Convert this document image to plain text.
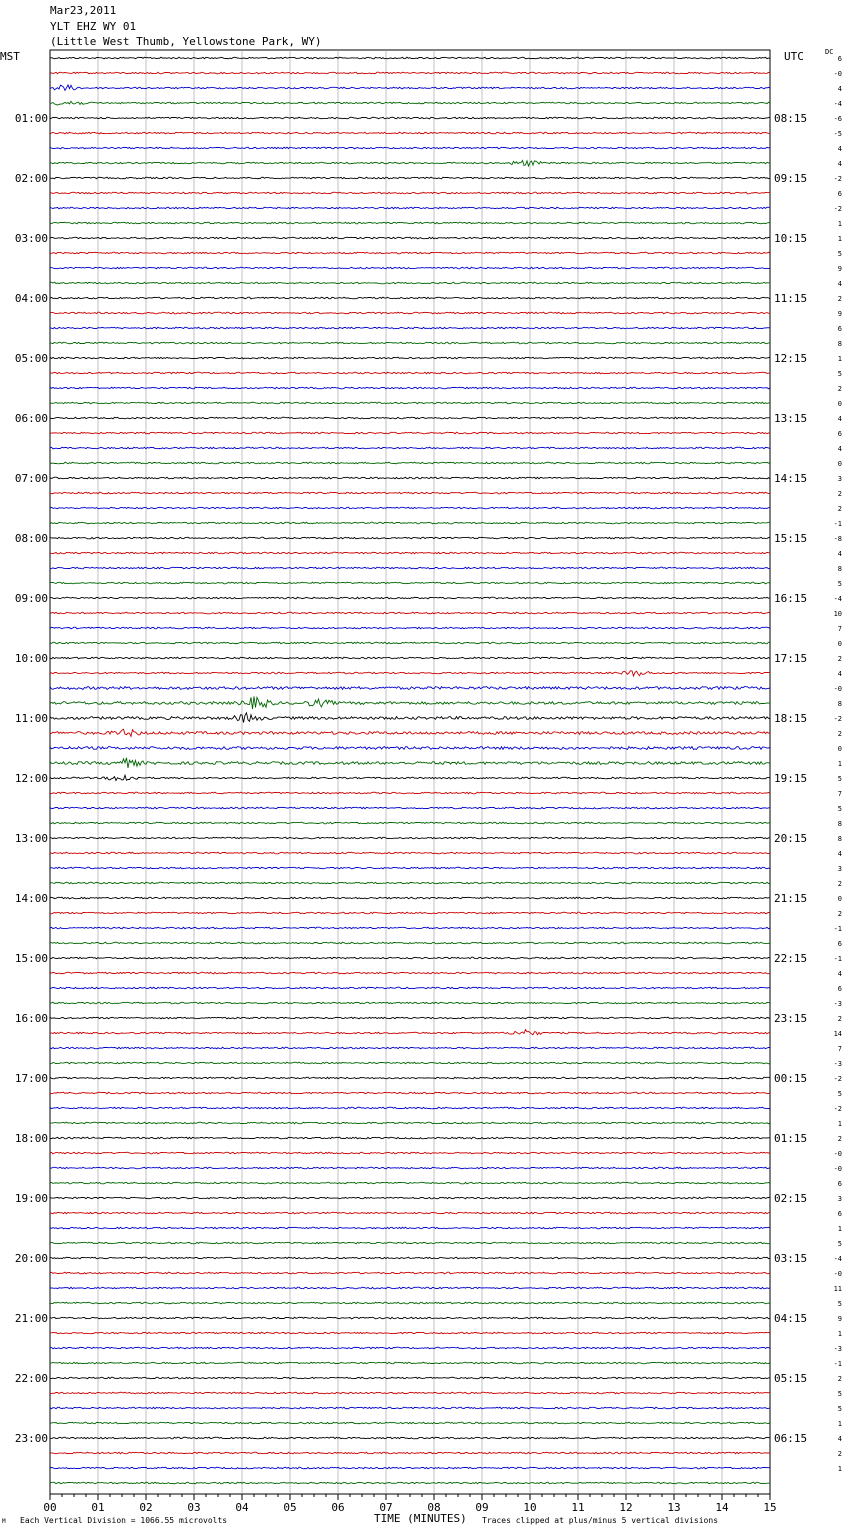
Mar23,2011
YLT EHZ WY 01
(Little West Thumb, Yellowstone Park, WY)
MST	UTC	DC
00	01	02	03	04	05	06	07	08	09	10	11	12	13	14	15
6
-0
4
-4
-6
-5
4
4
-2
6
-2
1
1
5
9
4
2
9
6
8
1
5
2
0
4
6
4
0
3
2
2
-1
-8
4
8
5
-4
10
7
0
2
4
-0
8
-2
2
0
1
5
7
5
8
8
4
3
2
0
2
-1
6
-1
4
6
-3
2
14
7
-3
-2
5
-2
1
2
-0
-0
6
3
6
1
5
-4
-0
11
5
9
1
-3
-1
2
5
5
1
4
2
1
01:00	08:15
02:00	09:15
03:00	10:15
04:00	11:15
05:00	12:15
06:00	13:15
07:00	14:15
08:00	15:15
09:00	16:15
10:00	17:15
11:00	18:15
12:00	19:15
13:00	20:15
14:00	21:15
15:00	22:15
16:00	23:15
17:00	00:15
18:00	01:15
19:00	02:15
20:00	03:15
21:00	04:15
22:00	05:15
23:00	06:15
M Each Vertical Division = 1066.55 microvolts	TIME (MINUTES) Traces clipped at plus/minus 5 vertical divisions
